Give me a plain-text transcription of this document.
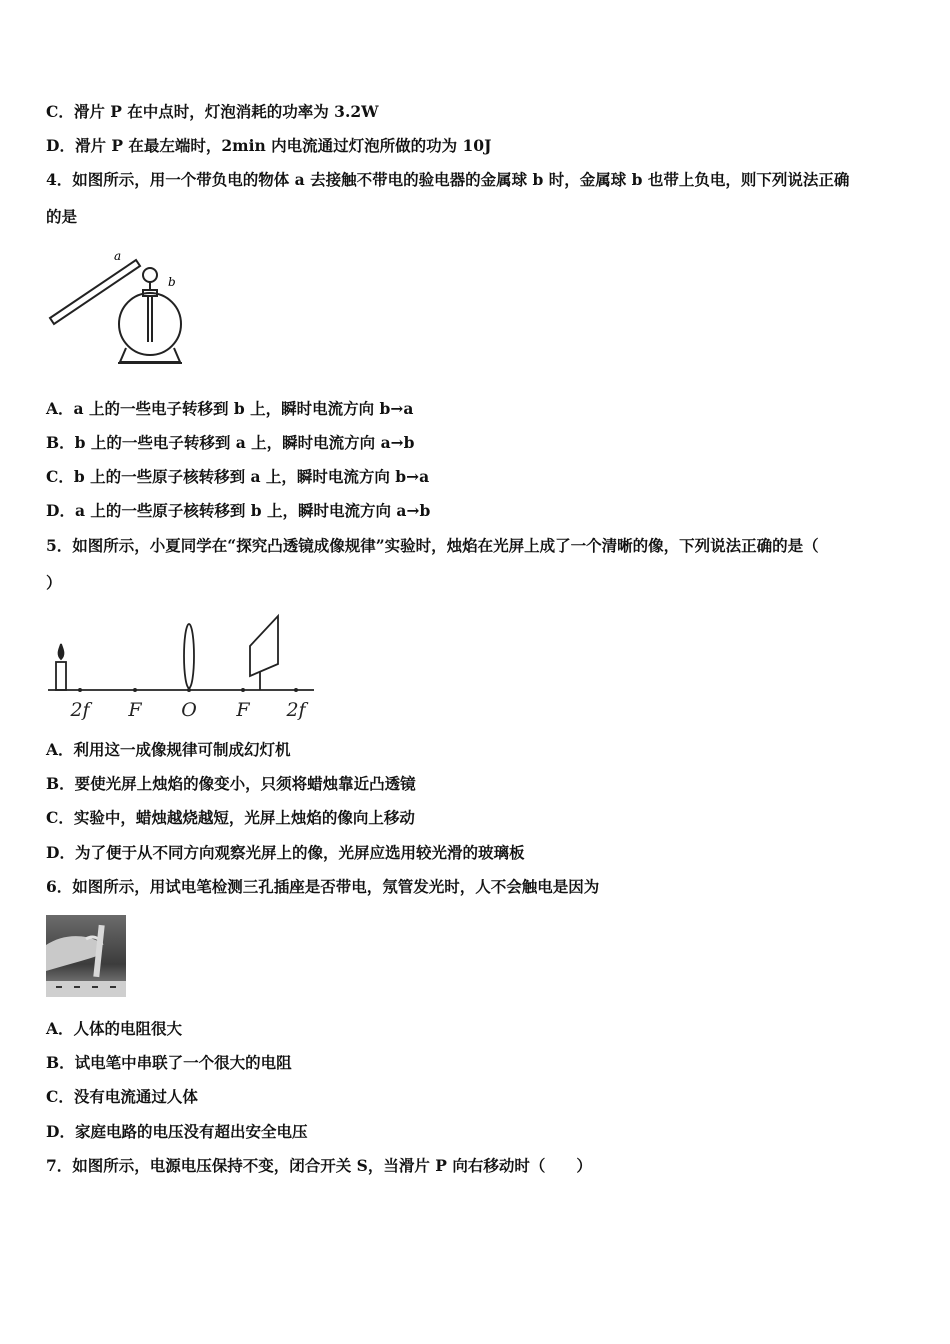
C．滑片 P 在中点时，灯泡消耗的功率为 3.2W
D．滑片 P 在最左端时，2min 内电流通过灯泡所做的功为 10J
4．如图所示，用一个带负电的物体 a 去接触不带电的验电器的金属球 b 时，金属球 b 也带上负电，则下列说法正确
的是
a
b
A．a 上的一些电子转移到 b 上，瞬时电流方向 b→a
B．b 上的一些电子转移到 a 上，瞬时电流方向 a→b
C．b 上的一些原子核转移到 a 上，瞬时电流方向 b→a
D．a 上的一些原子核转移到 b 上，瞬时电流方向 a→b
5．如图所示，小夏同学在“探究凸透镜成像规律”实验时，烛焰在光屏上成了一个清晰的像，下列说法正确的是（
）
2f F O F 2f
A．利用这一成像规律可制成幻灯机
B．要使光屏上烛焰的像变小，只须将蜡烛靠近凸透镜
C．实验中，蜡烛越烧越短，光屏上烛焰的像向上移动
D．为了便于从不同方向观察光屏上的像，光屏应选用较光滑的玻璃板
6．如图所示，用试电笔检测三孔插座是否带电，氖管发光时，人不会触电是因为
A．人体的电阻很大
B．试电笔中串联了一个很大的电阻
C．没有电流通过人体
D．家庭电路的电压没有超出安全电压
7．如图所示，电源电压保持不变，闭合开关 S，当滑片 P 向右移动时（　　）
